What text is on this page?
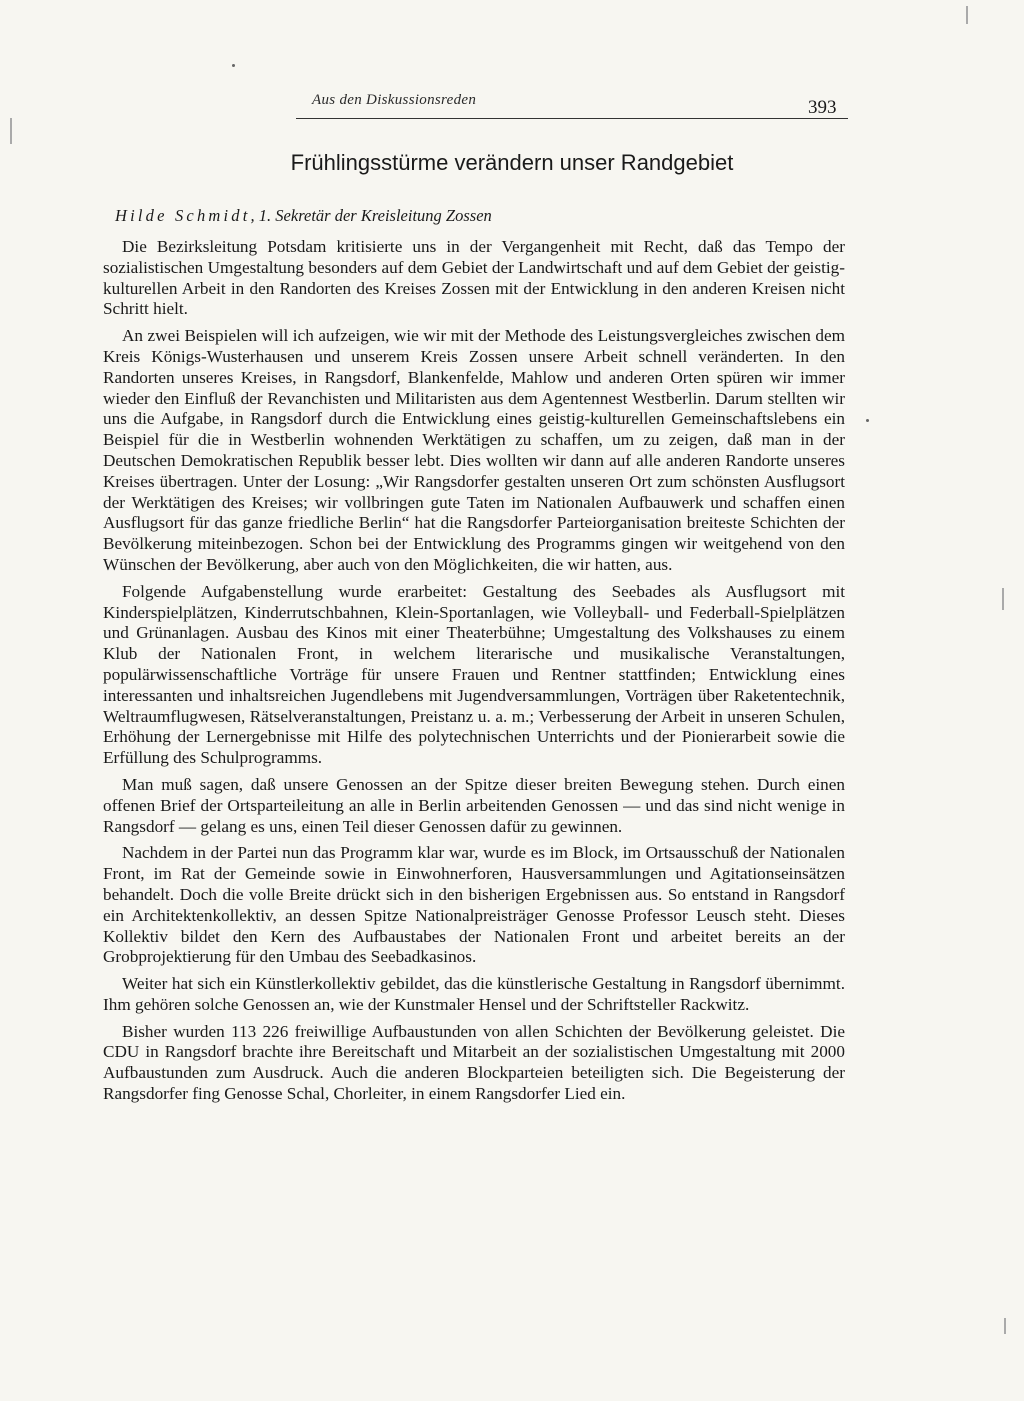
Aus den Diskussionsreden	393
Frühlingsstürme verändern unser Randgebiet
Hilde Schmidt, 1. Sekretär der Kreisleitung Zossen

Die Bezirksleitung Potsdam kritisierte uns in der Vergangenheit mit Recht, daß das Tempo der sozialistischen Umgestaltung besonders auf dem Gebiet der Landwirtschaft und auf dem Gebiet der geistig-kulturellen Arbeit in den Randorten des Kreises Zossen mit der Entwicklung in den anderen Kreisen nicht Schritt hielt.

An zwei Beispielen will ich aufzeigen, wie wir mit der Methode des Leistungsvergleiches zwischen dem Kreis Königs-Wusterhausen und unserem Kreis Zossen unsere Arbeit schnell veränderten. In den Randorten unseres Kreises, in Rangsdorf, Blankenfelde, Mahlow und anderen Orten spüren wir immer wieder den Einfluß der Revanchisten und Militaristen aus dem Agentennest Westberlin. Darum stellten wir uns die Aufgabe, in Rangsdorf durch die Entwicklung eines geistig-kulturellen Gemeinschaftslebens ein Beispiel für die in Westberlin wohnenden Werktätigen zu schaffen, um zu zeigen, daß man in der Deutschen Demokratischen Republik besser lebt. Dies wollten wir dann auf alle anderen Randorte unseres Kreises übertragen. Unter der Losung: „Wir Rangsdorfer gestalten unseren Ort zum schönsten Ausflugsort der Werktätigen des Kreises; wir vollbringen gute Taten im Nationalen Aufbauwerk und schaffen einen Ausflugsort für das ganze friedliche Berlin“ hat die Rangsdorfer Parteiorganisation breiteste Schichten der Bevölkerung miteinbezogen. Schon bei der Entwicklung des Programms gingen wir weitgehend von den Wünschen der Bevölkerung, aber auch von den Möglichkeiten, die wir hatten, aus.

Folgende Aufgabenstellung wurde erarbeitet: Gestaltung des Seebades als Ausflugsort mit Kinderspielplätzen, Kinderrutschbahnen, Klein-Sportanlagen, wie Volleyball- und Federball-Spielplätzen und Grünanlagen. Ausbau des Kinos mit einer Theaterbühne; Umgestaltung des Volkshauses zu einem Klub der Nationalen Front, in welchem literarische und musikalische Veranstaltungen, populärwissenschaftliche Vorträge für unsere Frauen und Rentner stattfinden; Entwicklung eines interessanten und inhaltsreichen Jugendlebens mit Jugendversammlungen, Vorträgen über Raketentechnik, Weltraumflugwesen, Rätselveranstaltungen, Preistanz u. a. m.; Verbesserung der Arbeit in unseren Schulen, Erhöhung der Lernergebnisse mit Hilfe des polytechnischen Unterrichts und der Pionierarbeit sowie die Erfüllung des Schulprogramms.

Man muß sagen, daß unsere Genossen an der Spitze dieser breiten Bewegung stehen. Durch einen offenen Brief der Ortsparteileitung an alle in Berlin arbeitenden Genossen — und das sind nicht wenige in Rangsdorf — gelang es uns, einen Teil dieser Genossen dafür zu gewinnen.

Nachdem in der Partei nun das Programm klar war, wurde es im Block, im Ortsausschuß der Nationalen Front, im Rat der Gemeinde sowie in Einwohnerforen, Hausversammlungen und Agitationseinsätzen behandelt. Doch die volle Breite drückt sich in den bisherigen Ergebnissen aus. So entstand in Rangsdorf ein Architektenkollektiv, an dessen Spitze Nationalpreisträger Genosse Professor Leusch steht. Dieses Kollektiv bildet den Kern des Aufbaustabes der Nationalen Front und arbeitet bereits an der Grobprojektierung für den Umbau des Seebadkasinos.

Weiter hat sich ein Künstlerkollektiv gebildet, das die künstlerische Gestaltung in Rangsdorf übernimmt. Ihm gehören solche Genossen an, wie der Kunstmaler Hensel und der Schriftsteller Rackwitz.

Bisher wurden 113 226 freiwillige Aufbaustunden von allen Schichten der Bevölkerung geleistet. Die CDU in Rangsdorf brachte ihre Bereitschaft und Mitarbeit an der sozialistischen Umgestaltung mit 2000 Aufbaustunden zum Ausdruck. Auch die anderen Blockparteien beteiligten sich. Die Begeisterung der Rangsdorfer fing Genosse Schal, Chorleiter, in einem Rangsdorfer Lied ein.
